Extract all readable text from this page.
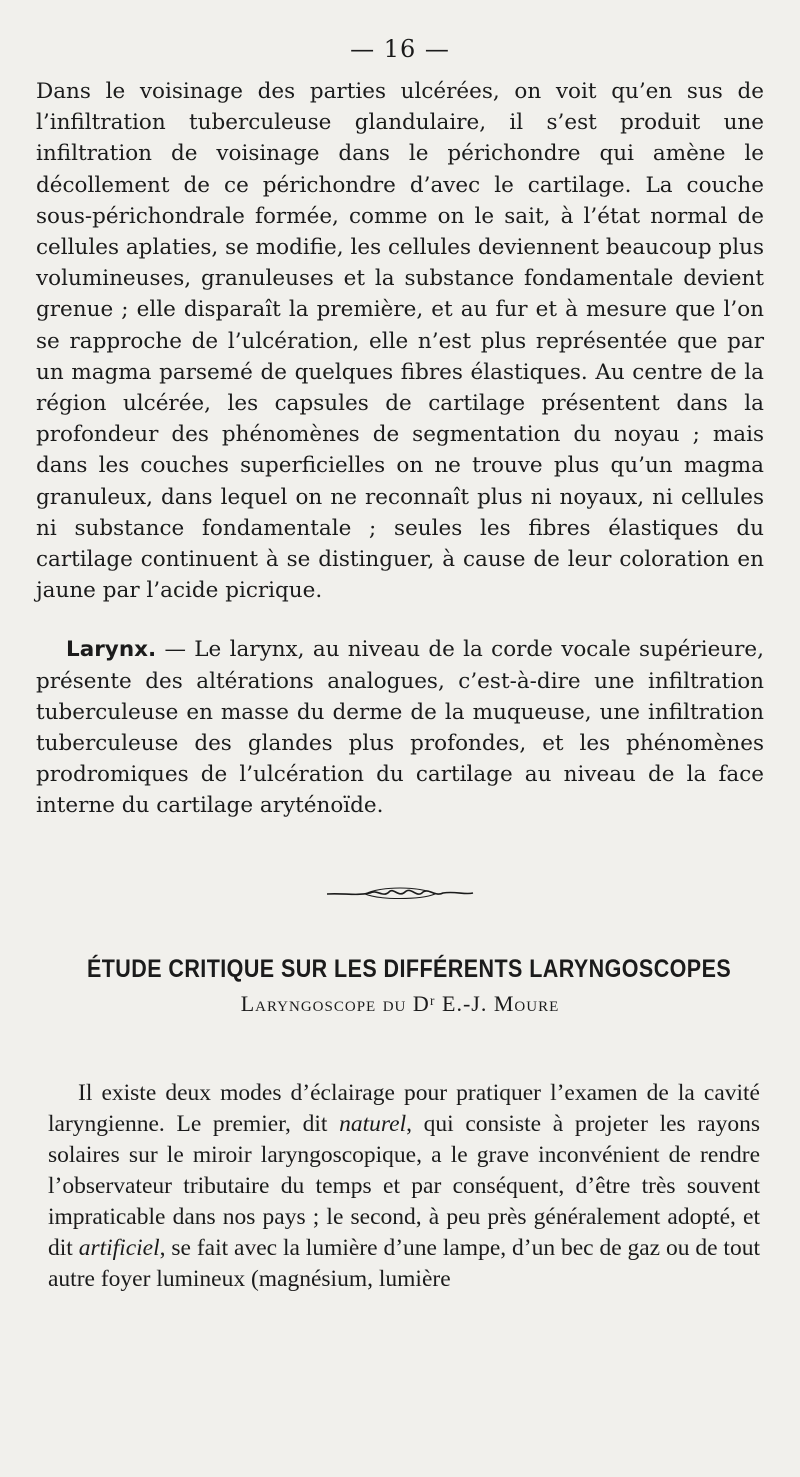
— 16 —

Dans le voisinage des parties ulcérées, on voit qu’en sus de l’infiltration tuberculeuse glandulaire, il s’est produit une infiltration de voisinage dans le périchondre qui amène le décollement de ce périchondre d’avec le cartilage. La couche sous-périchondrale formée, comme on le sait, à l’état normal de cellules aplaties, se modifie, les cellules deviennent beaucoup plus volumineuses, granuleuses et la substance fondamentale devient grenue ; elle disparaît la première, et au fur et à mesure que l’on se rapproche de l’ulcération, elle n’est plus représentée que par un magma parsemé de quelques fibres élastiques. Au centre de la région ulcérée, les capsules de cartilage présentent dans la profondeur des phénomènes de segmentation du noyau ; mais dans les couches superficielles on ne trouve plus qu’un magma granuleux, dans lequel on ne reconnaît plus ni noyaux, ni cellules ni substance fondamentale ; seules les fibres élastiques du cartilage continuent à se distinguer, à cause de leur coloration en jaune par l’acide picrique.

Larynx. — Le larynx, au niveau de la corde vocale supérieure, présente des altérations analogues, c’est-à-dire une infiltration tuberculeuse en masse du derme de la muqueuse, une infiltration tuberculeuse des glandes plus profondes, et les phénomènes prodromiques de l’ulcération du cartilage au niveau de la face interne du cartilage aryténoïde.

ÉTUDE CRITIQUE SUR LES DIFFÉRENTS LARYNGOSCOPES
Laryngoscope du Dʳ E.-J. Moure

Il existe deux modes d’éclairage pour pratiquer l’examen de la cavité laryngienne. Le premier, dit naturel, qui consiste à projeter les rayons solaires sur le miroir laryngoscopique, a le grave inconvénient de rendre l’observateur tributaire du temps et par conséquent, d’être très souvent impraticable dans nos pays ; le second, à peu près généralement adopté, et dit artificiel, se fait avec la lumière d’une lampe, d’un bec de gaz ou de tout autre foyer lumineux (magnésium, lumière
